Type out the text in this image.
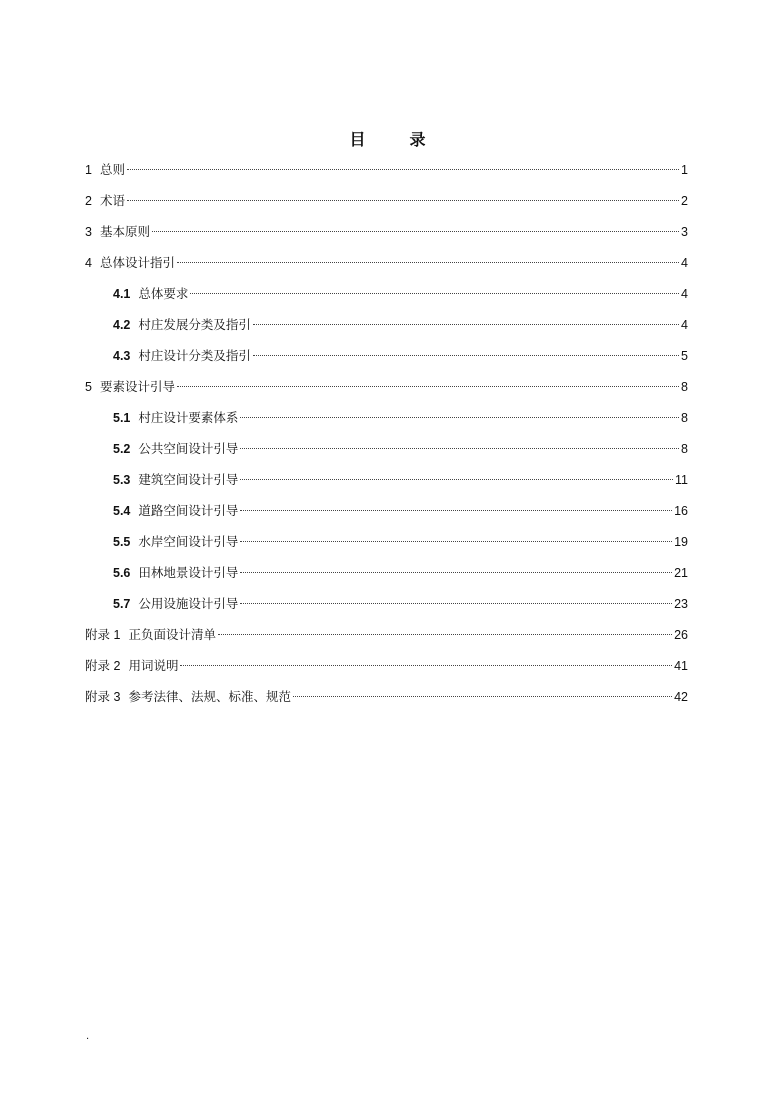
目　录
1 总则	1
2 术语	2
3 基本原则	3
4 总体设计指引	4
4.1 总体要求	4
4.2 村庄发展分类及指引	4
4.3 村庄设计分类及指引	5
5 要素设计引导	8
5.1 村庄设计要素体系	8
5.2 公共空间设计引导	8
5.3 建筑空间设计引导	11
5.4 道路空间设计引导	16
5.5 水岸空间设计引导	19
5.6 田林地景设计引导	21
5.7 公用设施设计引导	23
附录 1 正负面设计清单	26
附录 2 用词说明	41
附录 3 参考法律、法规、标准、规范	42
.
